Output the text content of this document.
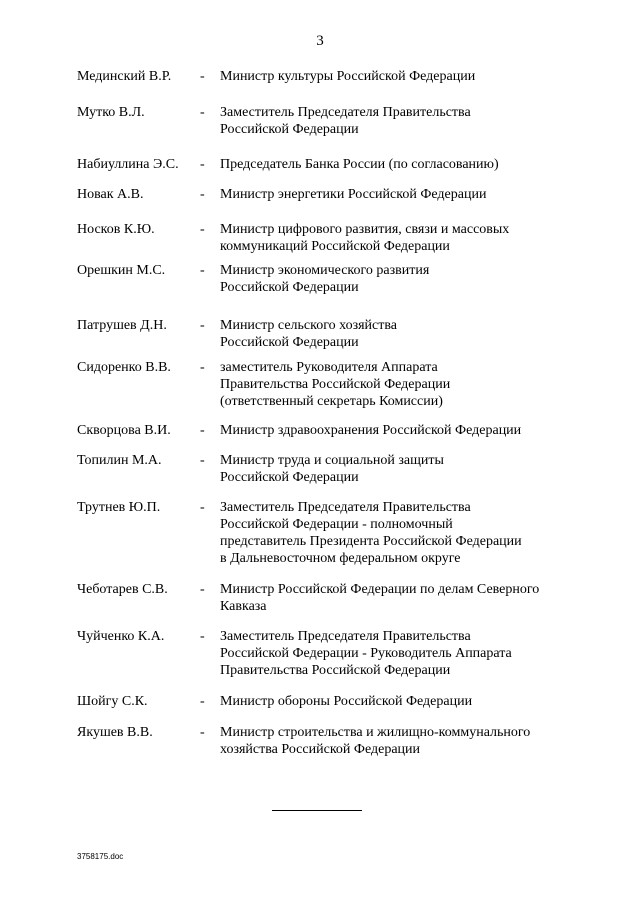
3
Мединский В.Р. - Министр культуры Российской Федерации
Мутко В.Л.	- Заместитель Председателя Правительства
Российской Федерации
Набиуллина Э.С. - Председатель Банка России (по согласованию)
Новак А.В.	- Министр энергетики Российской Федерации
Носков К.Ю.	- Министр цифрового развития, связи и массовых
коммуникаций Российской Федерации
Орешкин М.С. - Министр экономического развития
Российской Федерации
Патрушев Д.Н. - Министр сельского хозяйства
Российской Федерации
Сидоренко В.В. - заместитель Руководителя Аппарата
Правительства Российской Федерации
(ответственный секретарь Комиссии)
Скворцова В.И. - Министр здравоохранения Российской Федерации
Топилин М.А.	- Министр труда и социальной защиты
Российской Федерации
Трутнев Ю.П.	- Заместитель Председателя Правительства
Российской Федерации - полномочный
представитель Президента Российской Федерации
в Дальневосточном федеральном округе
Чеботарев С.В. - Министр Российской Федерации по делам Северного
Кавказа
Чуйченко К.А.	- Заместитель Председателя Правительства
Российской Федерации - Руководитель Аппарата
Правительства Российской Федерации
Шойгу С.К.	- Министр обороны Российской Федерации
Якушев В.В.	- Министр строительства и жилищно-коммунального
хозяйства Российской Федерации
3758175.doc
